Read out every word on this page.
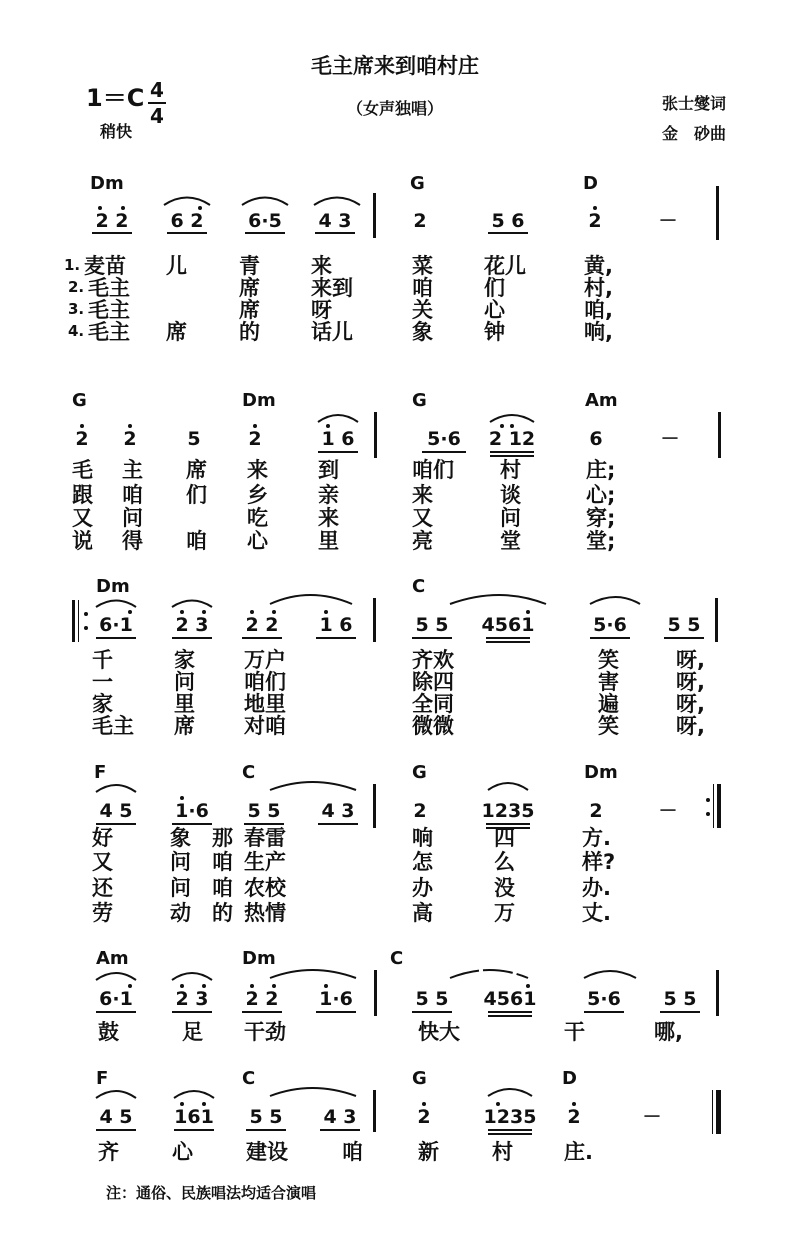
毛主席来到咱村庄
（女声独唱）
1＝C 4
4
稍快
张士燮词
金　砂曲
Dm	G	D
2 2 6 2 6·5 4 3	2	5 6	2	－
1. 麦苗 儿 青 来	菜 花儿	黄,
2. 毛主	席 来到	咱 们	村,
3. 毛主	席 呀	关 心	咱,
4. 毛主 席 的 话儿	象 钟	响,
G	Dm	G	Am
2 2	5	2	1 6	5·6 2 12	6	－
毛 主 席 来 到	咱们 村	庄;
跟 咱 们 乡 亲	来	谈	心;
又 问	吃 来	又	问	穿;
说 得 咱 心 里	亮	堂	堂;
Dm	C
6·1 2 3 2 2 1 6	5 5 4561	5·6 5 5
千	家 万户	齐欢	笑	呀,
一	问 咱们	除四	害	呀,
家	里 地里	全同	遍	呀,
毛主 席 对咱	微微	笑	呀,
F	C	G	Dm
4 5 1·6 5 5 4 3	2	1235	2	－
好	象 那 春雷	响	四	方.
又	问 咱 生产	怎	么	样?
还	问 咱 农校	办	没	办.
劳	动 的 热情	高	万	丈.
Am	Dm	C
6·1 2 3 2 2 1·6	5 5 4561	5·6 5 5
鼓	足 干劲	快大	干	哪,
F	C	G	D
4 5 161 5 5 4 3	2	1235 2	－
齐	心	建设	咱	新	村 庄.
注：通俗、民族唱法均适合演唱
